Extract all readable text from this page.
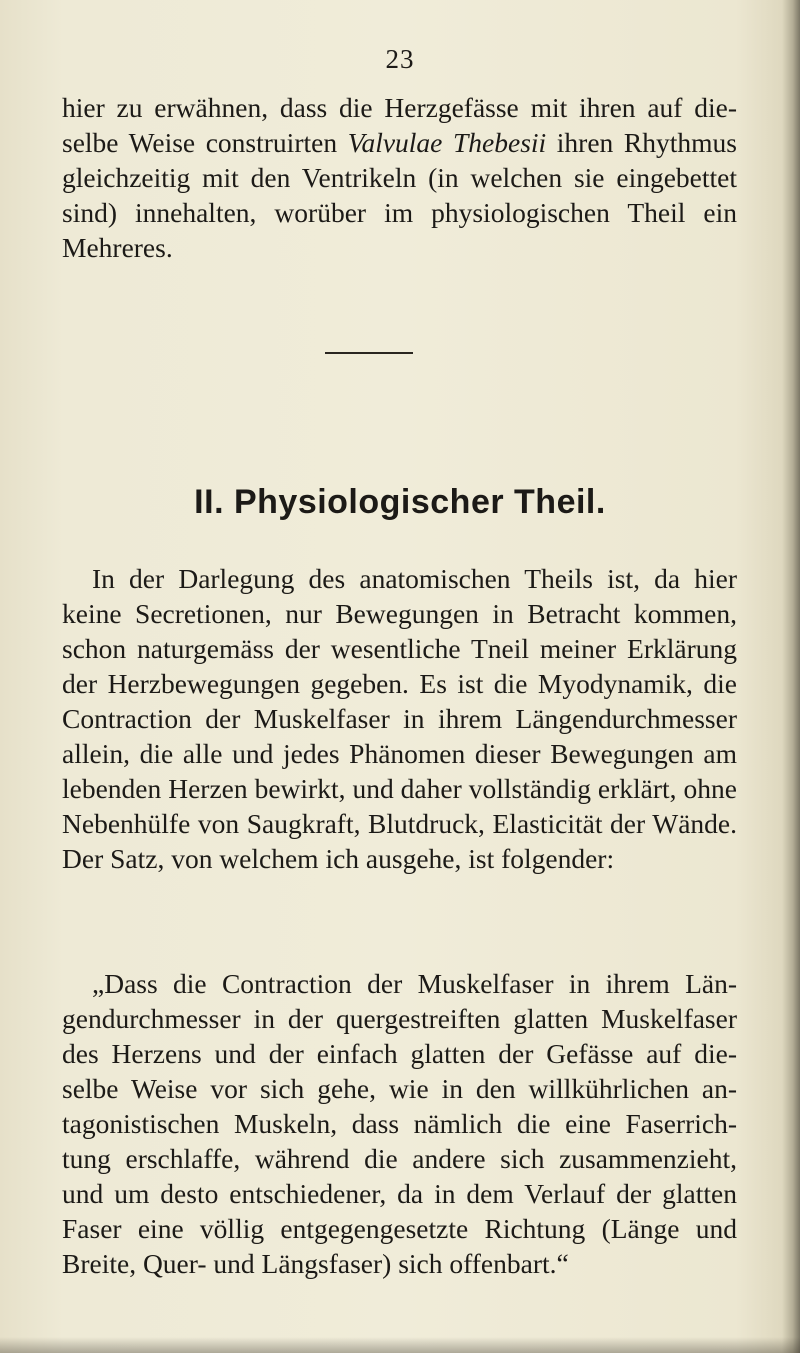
23

hier zu erwähnen, dass die Herzgefässe mit ihren auf die-
selbe Weise construirten Valvulae Thebesii ihren Rhythmus
gleichzeitig mit den Ventrikeln (in welchen sie eingebettet
sind) innehalten, worüber im physiologischen Theil ein
Mehreres.

II. Physiologischer Theil.

In der Darlegung des anatomischen Theils ist, da hier
keine Secretionen, nur Bewegungen in Betracht kommen,
schon naturgemäss der wesentliche Tneil meiner Erklärung
der Herzbewegungen gegeben. Es ist die Myodynamik, die
Contraction der Muskelfaser in ihrem Längendurchmesser
allein, die alle und jedes Phänomen dieser Bewegungen am
lebenden Herzen bewirkt, und daher vollständig erklärt, ohne
Nebenhülfe von Saugkraft, Blutdruck, Elasticität der Wände.
Der Satz, von welchem ich ausgehe, ist folgender:

„Dass die Contraction der Muskelfaser in ihrem Län-
gendurchmesser in der quergestreiften glatten Muskelfaser
des Herzens und der einfach glatten der Gefässe auf die-
selbe Weise vor sich gehe, wie in den willkührlichen an-
tagonistischen Muskeln, dass nämlich die eine Faserrich-
tung erschlaffe, während die andere sich zusammenzieht,
und um desto entschiedener, da in dem Verlauf der glatten
Faser eine völlig entgegengesetzte Richtung (Länge und
Breite, Quer- und Längsfaser) sich offenbart.“
